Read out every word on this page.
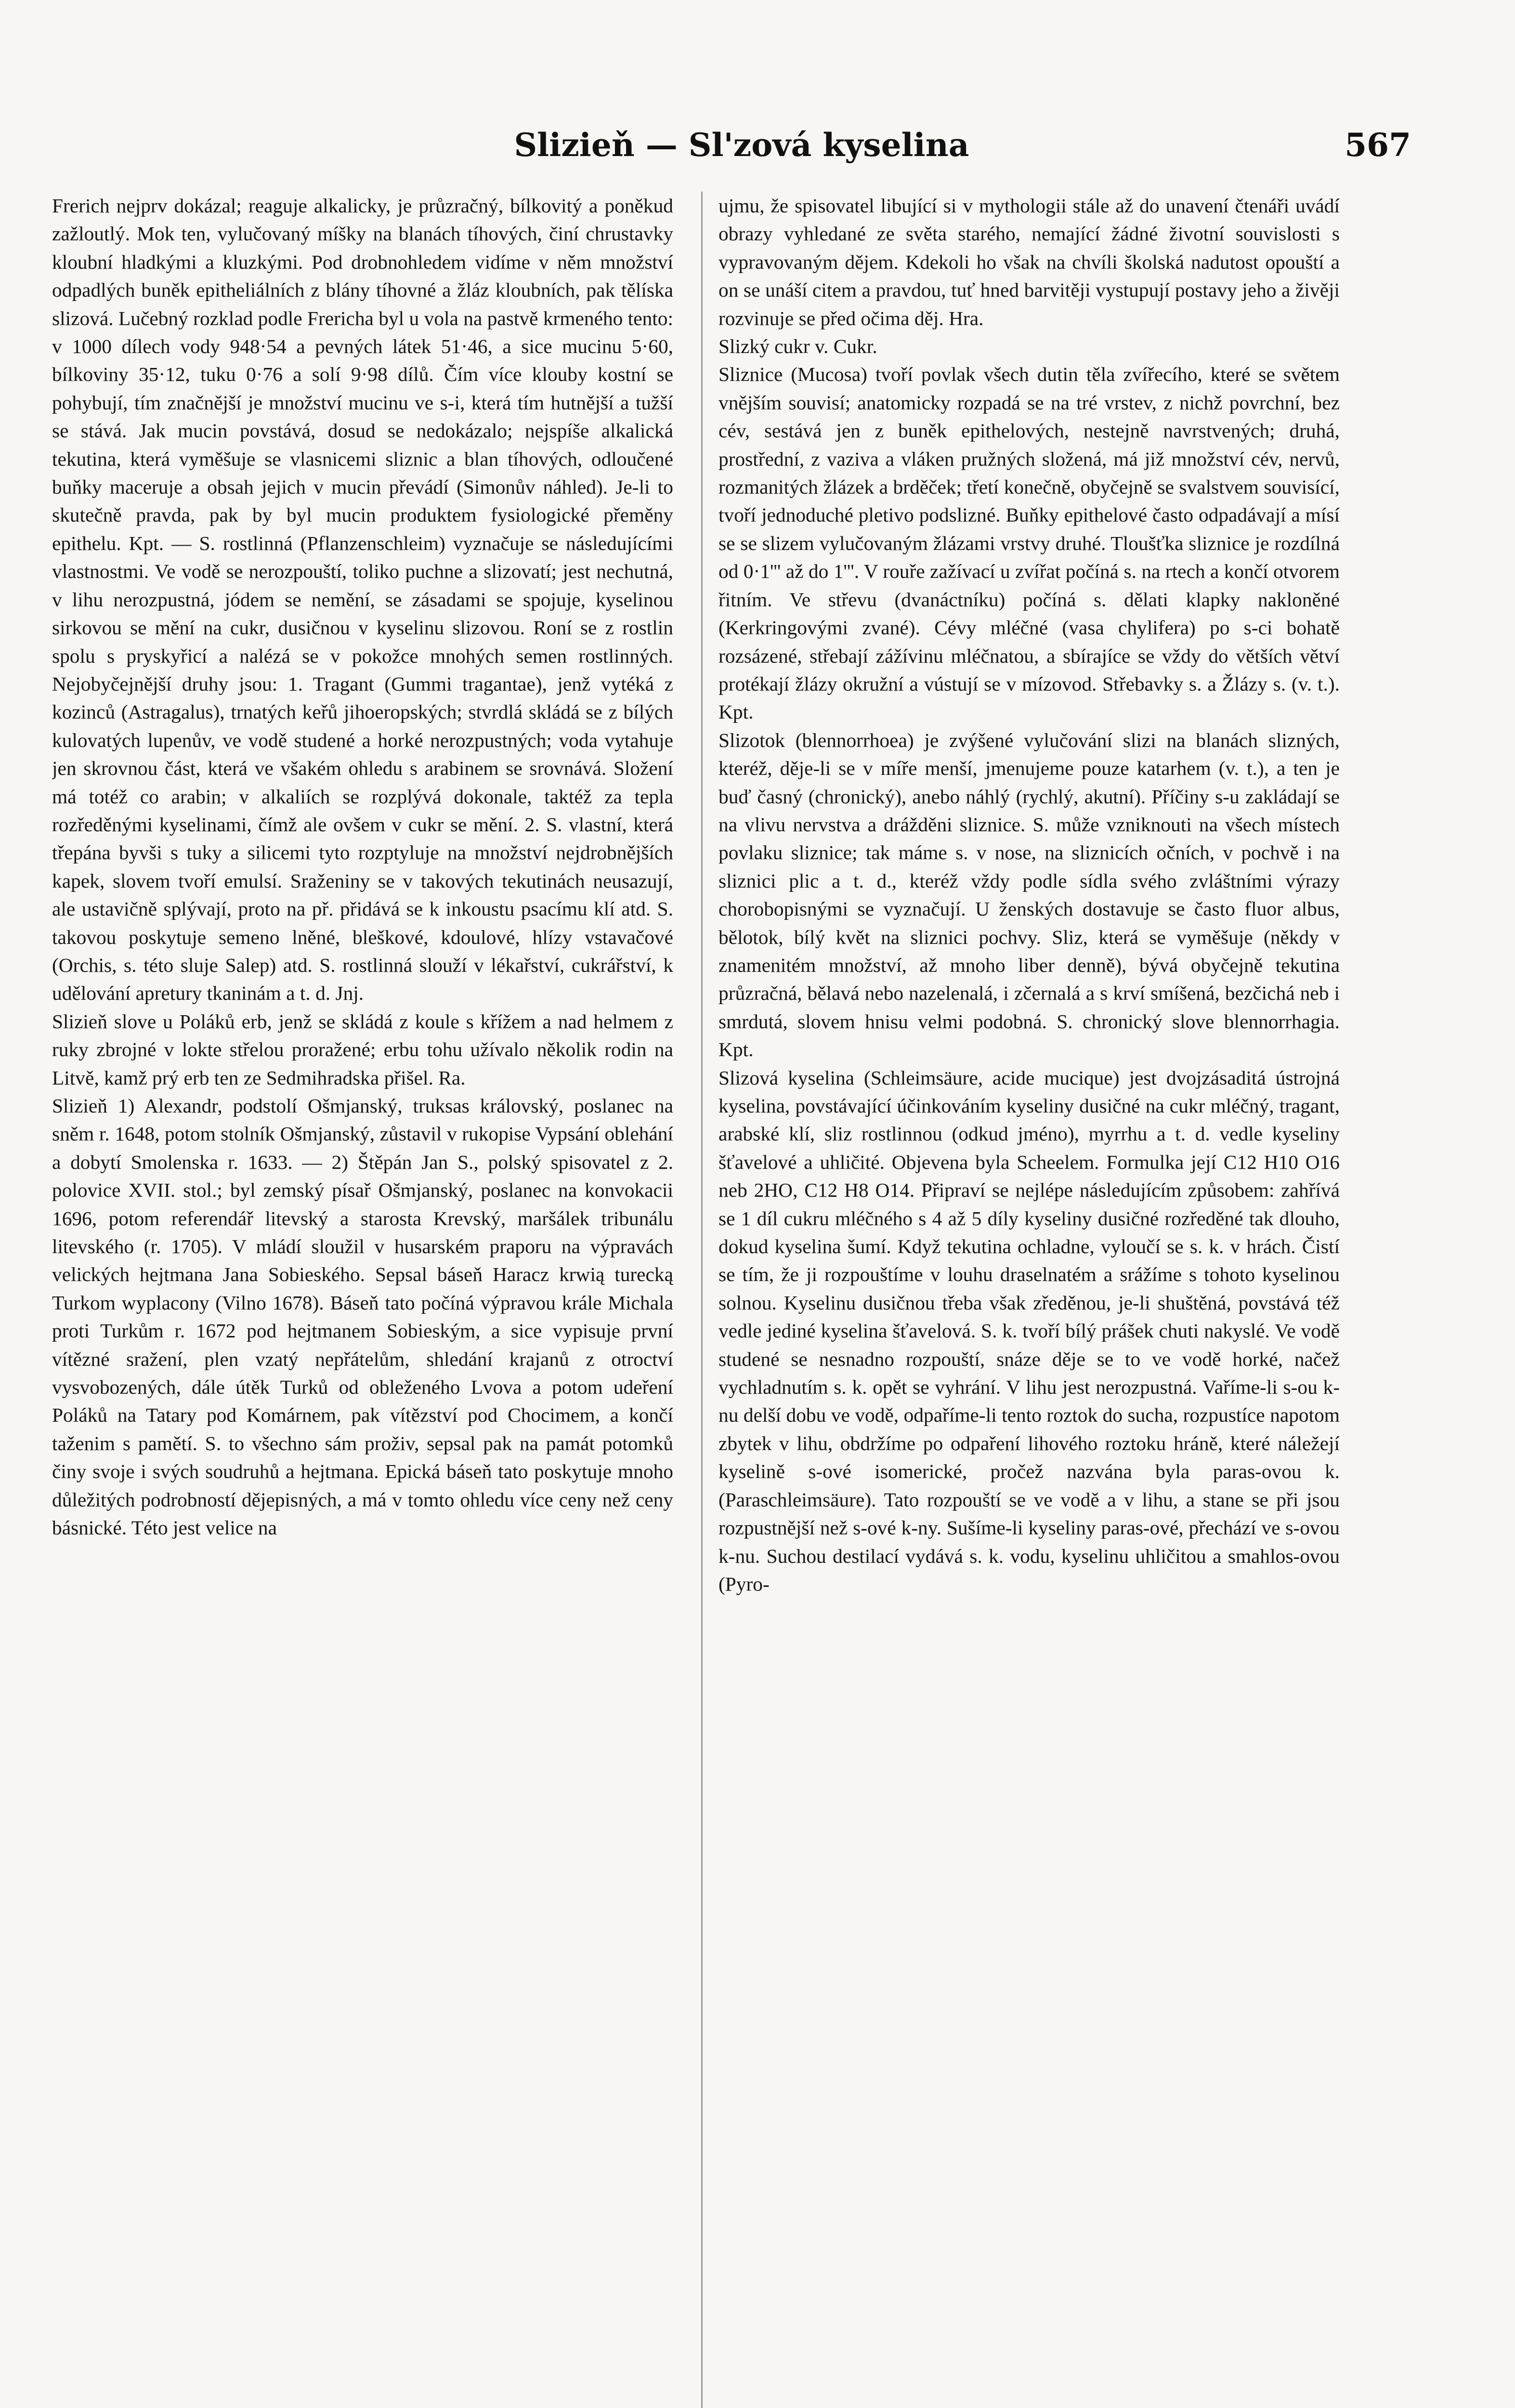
Slizieň — Sl'zová kyselina	567

Frerich nejprv dokázal; reaguje alkalicky, je průzračný, bílkovitý a poněkud zažloutlý. Mok ten, vylučovaný míšky na blanách tíhových, činí chrustavky kloubní hladkými a kluzkými. Pod drobnohledem vidíme v něm množství odpadlých buněk epitheliálních z blány tíhovné a žláz kloubních, pak tělíska slizová. Lučebný rozklad podle Frericha byl u vola na pastvě krmeného tento: v 1000 dílech vody 948·54 a pevných látek 51·46, a sice mucinu 5·60, bílkoviny 35·12, tuku 0·76 a solí 9·98 dílů. Čím více klouby kostní se pohybují, tím značnější je množství mucinu ve s-i, která tím hutnější a tužší se stává. Jak mucin povstává, dosud se nedokázalo; nejspíše alkalická tekutina, která vyměšuje se vlasnicemi sliznic a blan tíhových, odloučené buňky maceruje a obsah jejich v mucin převádí (Simonův náhled). Je-li to skutečně pravda, pak by byl mucin produktem fysiologické přeměny epithelu. Kpt. — S. rostlinná (Pflanzenschleim) vyznačuje se následujícími vlastnostmi. Ve vodě se nerozpouští, toliko puchne a slizovatí; jest nechutná, v lihu nerozpustná, jódem se nemění, se zásadami se spojuje, kyselinou sirkovou se mění na cukr, dusičnou v kyselinu slizovou. Roní se z rostlin spolu s pryskyřicí a nalézá se v pokožce mnohých semen rostlinných. Nejobyčejnější druhy jsou: 1. Tragant (Gummi tragantae), jenž vytéká z kozinců (Astragalus), trnatých keřů jihoeropských; stvrdlá skládá se z bílých kulovatých lupenův, ve vodě studené a horké nerozpustných; voda vytahuje jen skrovnou část, která ve všakém ohledu s arabinem se srovnává. Složení má totéž co arabin; v alkaliích se rozplývá dokonale, taktéž za tepla rozředěnými kyselinami, čímž ale ovšem v cukr se mění. 2. S. vlastní, která třepána byvši s tuky a silicemi tyto rozptyluje na množství nejdrobnějších kapek, slovem tvoří emulsí. Sraženiny se v takových tekutinách neusazují, ale ustavičně splývají, proto na př. přidává se k inkoustu psacímu klí atd. S. takovou poskytuje semeno lněné, bleškové, kdoulové, hlízy vstavačové (Orchis, s. této sluje Salep) atd. S. rostlinná slouží v lékařství, cukrářství, k udělování apretury tkaninám a t. d. Jnj.

Slizieň slove u Poláků erb, jenž se skládá z koule s křížem a nad helmem z ruky zbrojné v lokte střelou proražené; erbu tohu užívalo několik rodin na Litvě, kamž prý erb ten ze Sedmihradska přišel. Ra.

Slizieň 1) Alexandr, podstolí Ošmjanský, truksas královský, poslanec na sněm r. 1648, potom stolník Ošmjanský, zůstavil v rukopise Vypsání oblehání a dobytí Smolenska r. 1633. — 2) Štěpán Jan S., polský spisovatel z 2. polovice XVII. stol.; byl zemský písař Ošmjanský, poslanec na konvokacii 1696, potom referendář litevský a starosta Krevský, maršálek tribunálu litevského (r. 1705). V mládí sloužil v husarském praporu na výpravách velických hejtmana Jana Sobieského. Sepsal báseň Haracz krwią turecką Turkom wyplacony (Vilno 1678). Báseň tato počíná výpravou krále Michala proti Turkům r. 1672 pod hejtmanem Sobieským, a sice vypisuje první vítězné sražení, plen vzatý nepřátelům, shledání krajanů z otroctví vysvobozených, dále útěk Turků od obleženého Lvova a potom udeření Poláků na Tatary pod Komárnem, pak vítězství pod Chocimem, a končí taženim s pamětí. S. to všechno sám proživ, sepsal pak na památ potomků činy svoje i svých soudruhů a hejtmana. Epická báseň tato poskytuje mnoho důležitých podrobností dějepisných, a má v tomto ohledu více ceny než ceny básnické. Této jest velice na

ujmu, že spisovatel libující si v mythologii stále až do unavení čtenáři uvádí obrazy vyhledané ze světa starého, nemající žádné životní souvislosti s vypravovaným dějem. Kdekoli ho však na chvíli školská nadutost opouští a on se unáší citem a pravdou, tuť hned barvitěji vystupují postavy jeho a živěji rozvinuje se před očima děj. Hra.

Slizký cukr v. Cukr.

Sliznice (Mucosa) tvoří povlak všech dutin těla zvířecího, které se světem vnějším souvisí; anatomicky rozpadá se na tré vrstev, z nichž povrchní, bez cév, sestává jen z buněk epithelových, nestejně navrstvených; druhá, prostřední, z vaziva a vláken pružných složená, má již množství cév, nervů, rozmanitých žlázek a brděček; třetí konečně, obyčejně se svalstvem souvisící, tvoří jednoduché pletivo podslizné. Buňky epithelové často odpadávají a mísí se se slizem vylučovaným žlázami vrstvy druhé. Tloušťka sliznice je rozdílná od 0·1''' až do 1'''. V rouře zažívací u zvířat počíná s. na rtech a končí otvorem řitním. Ve střevu (dvanáctníku) počíná s. dělati klapky nakloněné (Kerkringovými zvané). Cévy mléčné (vasa chylifera) po s-ci bohatě rozsázené, střebají zážívinu mléčnatou, a sbírajíce se vždy do větších větví protékají žlázy okružní a vústují se v mízovod. Střebavky s. a Žlázy s. (v. t.). Kpt.

Slizotok (blennorrhoea) je zvýšené vylučování slizi na blanách slizných, kteréž, děje-li se v míře menší, jmenujeme pouze katarhem (v. t.), a ten je buď časný (chronický), anebo náhlý (rychlý, akutní). Příčiny s-u zakládají se na vlivu nervstva a drážděni sliznice. S. může vzniknouti na všech místech povlaku sliznice; tak máme s. v nose, na sliznicích očních, v pochvě i na sliznici plic a t. d., kteréž vždy podle sídla svého zvláštními výrazy chorobopisnými se vyznačují. U ženských dostavuje se často fluor albus, bělotok, bílý květ na sliznici pochvy. Sliz, která se vyměšuje (někdy v znamenitém množství, až mnoho liber denně), bývá obyčejně tekutina průzračná, bělavá nebo nazelenalá, i zčernalá a s krví smíšená, bezčichá neb i smrdutá, slovem hnisu velmi podobná. S. chronický slove blennorrhagia. Kpt.

Slizová kyselina (Schleimsäure, acide mucique) jest dvojzásaditá ústrojná kyselina, povstávající účinkováním kyseliny dusičné na cukr mléčný, tragant, arabské klí, sliz rostlinnou (odkud jméno), myrrhu a t. d. vedle kyseliny šťavelové a uhličité. Objevena byla Scheelem. Formulka její C12 H10 O16 neb 2HO, C12 H8 O14. Připraví se nejlépe následujícím způsobem: zahřívá se 1 díl cukru mléčného s 4 až 5 díly kyseliny dusičné rozředěné tak dlouho, dokud kyselina šumí. Když tekutina ochladne, vyloučí se s. k. v hrách. Čistí se tím, že ji rozpouštíme v louhu draselnatém a srážíme s tohoto kyselinou solnou. Kyselinu dusičnou třeba však zředěnou, je-li shuštěná, povstává též vedle jediné kyselina šťavelová. S. k. tvoří bílý prášek chuti nakyslé. Ve vodě studené se nesnadno rozpouští, snáze děje se to ve vodě horké, načež vychladnutím s. k. opět se vyhrání. V lihu jest nerozpustná. Vaříme-li s-ou k-nu delší dobu ve vodě, odpaříme-li tento roztok do sucha, rozpustíce napotom zbytek v lihu, obdržíme po odpaření lihového roztoku hráně, které náležejí kyselině s-ové isomerické, pročež nazvána byla paras-ovou k. (Paraschleimsäure). Tato rozpouští se ve vodě a v lihu, a stane se při jsou rozpustnější než s-ové k-ny. Sušíme-li kyseliny paras-ové, přechází ve s-ovou k-nu. Suchou destilací vydává s. k. vodu, kyselinu uhličitou a smahlos-ovou (Pyro-
